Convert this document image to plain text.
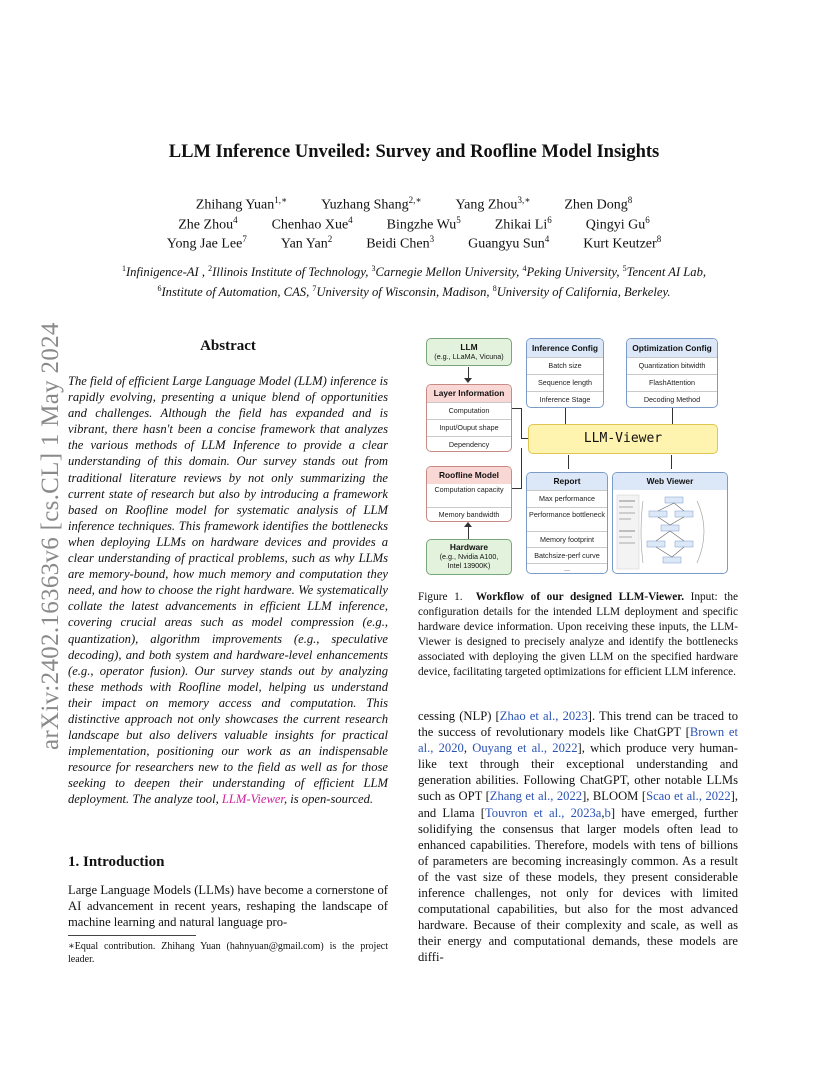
LLM Inference Unveiled: Survey and Roofline Model Insights
Zhihang Yuan$^{1,∗}$ Yuzhang Shang$^{2,∗}$ Yang Zhou$^{3,∗}$ Zhen Dong$^8$
Zhe Zhou$^4$ Chenhao Xue$^4$ Bingzhe Wu$^5$ Zhikai Li$^6$ Qingyi Gu$^6$
Yong Jae Lee$^7$ Yan Yan$^2$ Beidi Chen$^3$ Guangyu Sun$^4$ Kurt Keutzer$^8$
$^1$Infinigence-AI , $^2$Illinois Institute of Technology, $^3$Carnegie Mellon University, $^4$Peking University, $^5$Tencent AI Lab,
$^6$Institute of Automation, CAS, $^7$University of Wisconsin, Madison, $^8$University of California, Berkeley.
arXiv:2402.16363v6 [cs.CL] 1 May 2024	Abstract
The field of efficient Large Language Model (LLM) inference is rapidly evolving, presenting a unique blend of opportunities and challenges. Although the field has expanded and is vibrant, there hasn't been a concise framework that analyzes the various methods of LLM Inference to provide a clear understanding of this domain. Our survey stands out from traditional literature reviews by not only summarizing the current state of research but also by introducing a framework based on Roofline model for systematic analysis of LLM inference techniques. This framework identifies the bottlenecks when deploying LLMs on hardware devices and provides a clear understanding of practical problems, such as why LLMs are memory-bound, how much memory and computation they need, and how to choose the right hardware. We systematically collate the latest advancements in efficient LLM inference, covering crucial areas such as model compression (e.g., quantization), algorithm improvements (e.g., speculative decoding), and both system and hardware-level enhancements (e.g., operator fusion). Our survey stands out by analyzing these methods with Roofline model, helping us understand their impact on memory access and computation. This distinctive approach not only showcases the current research landscape but also delivers valuable insights for practical implementation, positioning our work as an indispensable resource for researchers new to the field as well as for those seeking to deepen their understanding of efficient LLM deployment. The analyze tool, LLM-Viewer, is open-sourced.
1. Introduction
Large Language Models (LLMs) have become a cornerstone of AI advancement in recent years, reshaping the landscape of machine learning and natural language pro-
∗Equal contribution. Zhihang Yuan (hahnyuan@gmail.com) is the project leader.
LLM
(e.g., LLaMA, Vicuna)
Inference Config
Batch size
Sequence length
Inference Stage
Optimization Config
Quantization bitwidth
FlashAttention
Decoding Method
Layer Information
Computation
Input/Ouput shape
Dependency	LLM-Viewer
Roofline Model
Computation capacity
Memory bandwidth
Hardware
(e.g., Nvidia A100, Intel 13900K)
Report
Max performance
Performance bottleneck
Memory footprint
Batchsize-perf curve
...
Web Viewer
Figure 1. Workflow of our designed LLM-Viewer. Input: the configuration details for the intended LLM deployment and specific hardware device information. Upon receiving these inputs, the LLM-Viewer is designed to precisely analyze and identify the bottlenecks associated with deploying the given LLM on the specified hardware device, facilitating targeted optimizations for efficient LLM inference.
cessing (NLP) [Zhao et al., 2023]. This trend can be traced to the success of revolutionary models like ChatGPT [Brown et al., 2020, Ouyang et al., 2022], which produce very human-like text through their exceptional understanding and generation abilities. Following ChatGPT, other notable LLMs such as OPT [Zhang et al., 2022], BLOOM [Scao et al., 2022], and Llama [Touvron et al., 2023a,b] have emerged, further solidifying the consensus that larger models often lead to enhanced capabilities. Therefore, models with tens of billions of parameters are becoming increasingly common. As a result of the vast size of these models, they present considerable inference challenges, not only for devices with limited computational capabilities, but also for the most advanced hardware. Because of their complexity and scale, as well as their energy and computational demands, these models are diffi-
